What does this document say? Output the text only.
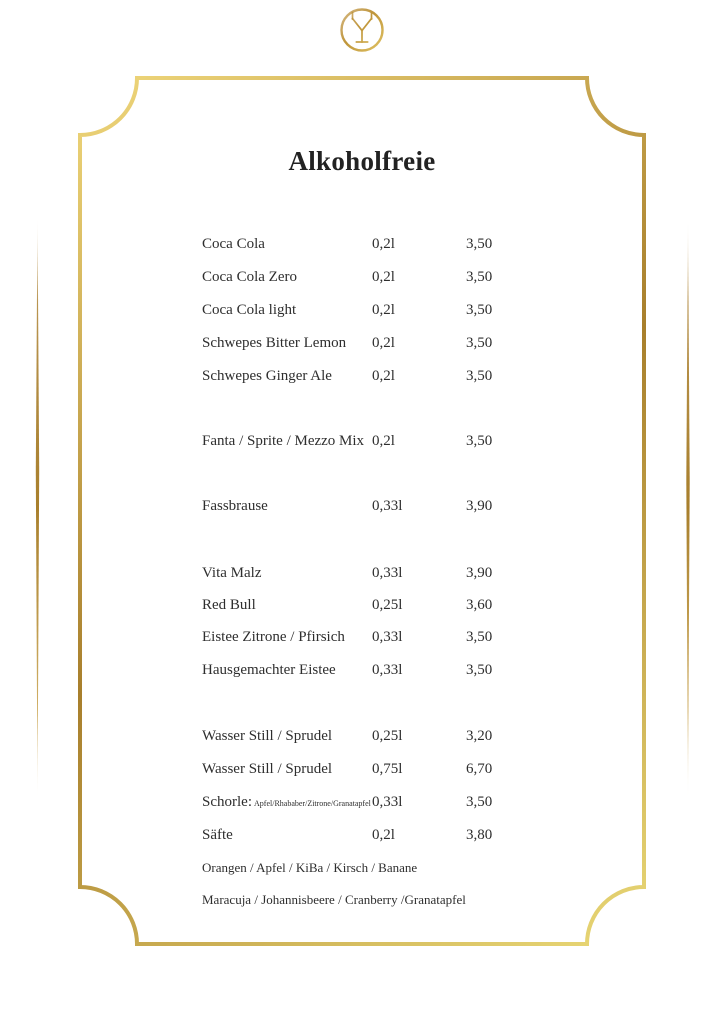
Alkoholfreie
Coca Cola	0,2l	3,50
Coca Cola Zero	0,2l	3,50
Coca Cola light	0,2l	3,50
Schwepes Bitter Lemon 0,2l	3,50
Schwepes Ginger Ale	0,2l	3,50
Fanta / Sprite / Mezzo Mix 0,2l	3,50
Fassbrause	0,33l	3,90
Vita Malz	0,33l	3,90
Red Bull	0,25l	3,60
Eistee Zitrone / Pfirsich 0,33l	3,50
Hausgemachter Eistee 0,33l	3,50
Wasser Still / Sprudel	0,25l	3,20
Wasser Still / Sprudel	0,75l	6,70
Schorle: Apfel/Rhababer/Zitrone/Granatapfel 0,33l	3,50
Säfte	0,2l	3,80
Orangen / Apfel / KiBa / Kirsch / Banane
Maracuja / Johannisbeere / Cranberry /Granatapfel
